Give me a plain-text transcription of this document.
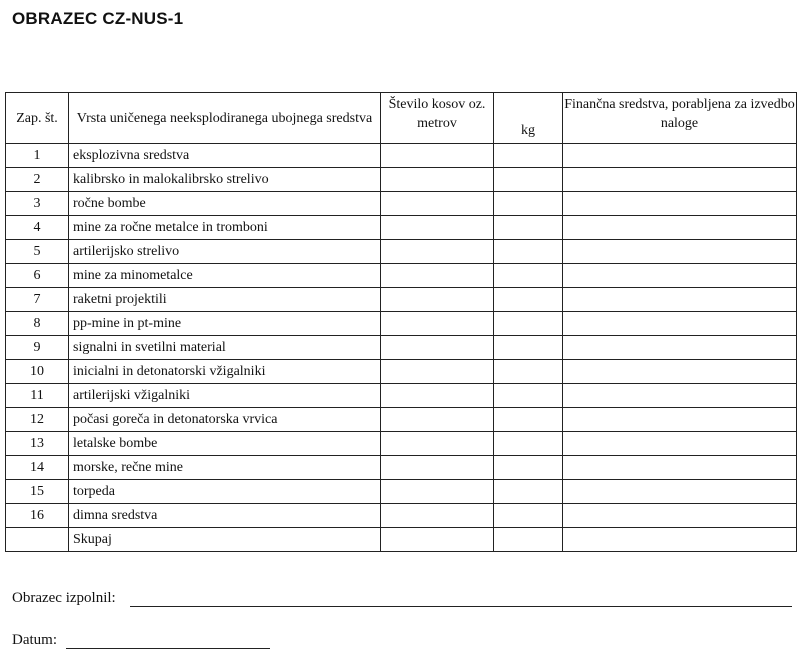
OBRAZEC CZ-NUS-1
Zap. št.	Vrsta uničenega neeksplodiranega ubojnega sredstva	Število kosov oz. metrov	kg	Finančna sredstva, porabljena za izvedbo naloge
1	eksplozivna sredstva			
2	kalibrsko in malokalibrsko strelivo			
3	ročne bombe			
4	mine za ročne metalce in tromboni			
5	artilerijsko strelivo			
6	mine za minometalce			
7	raketni projektili			
8	pp-mine in pt-mine			
9	signalni in svetilni material			
10	inicialni in detonatorski vžigalniki			
11	artilerijski vžigalniki			
12	počasi goreča in detonatorska vrvica			
13	letalske bombe			
14	morske, rečne mine			
15	torpeda			
16	dimna sredstva			
	Skupaj			
Obrazec izpolnil:
Datum:
